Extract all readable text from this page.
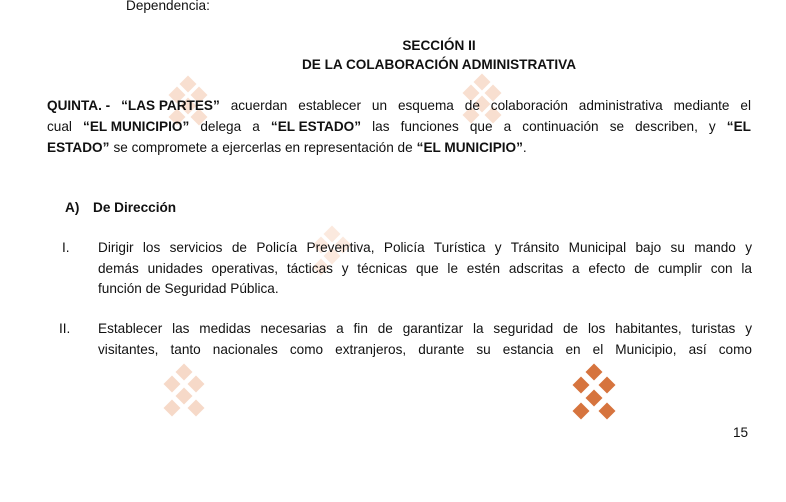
Dependencia:
SECCIÓN II
DE LA COLABORACIÓN ADMINISTRATIVA
QUINTA. - “LAS PARTES” acuerdan establecer un esquema de colaboración administrativa mediante el
cual “EL MUNICIPIO” delega a “EL ESTADO” las funciones que a continuación se describen, y “EL
ESTADO” se compromete a ejercerlas en representación de “EL MUNICIPIO”.
A) De Dirección
I. Dirigir los servicios de Policía Preventiva, Policía Turística y Tránsito Municipal bajo su mando y
demás unidades operativas, tácticas y técnicas que le estén adscritas a efecto de cumplir con la
función de Seguridad Pública.
II. Establecer las medidas necesarias a fin de garantizar la seguridad de los habitantes, turistas y
visitantes, tanto nacionales como extranjeros, durante su estancia en el Municipio, así como
15
